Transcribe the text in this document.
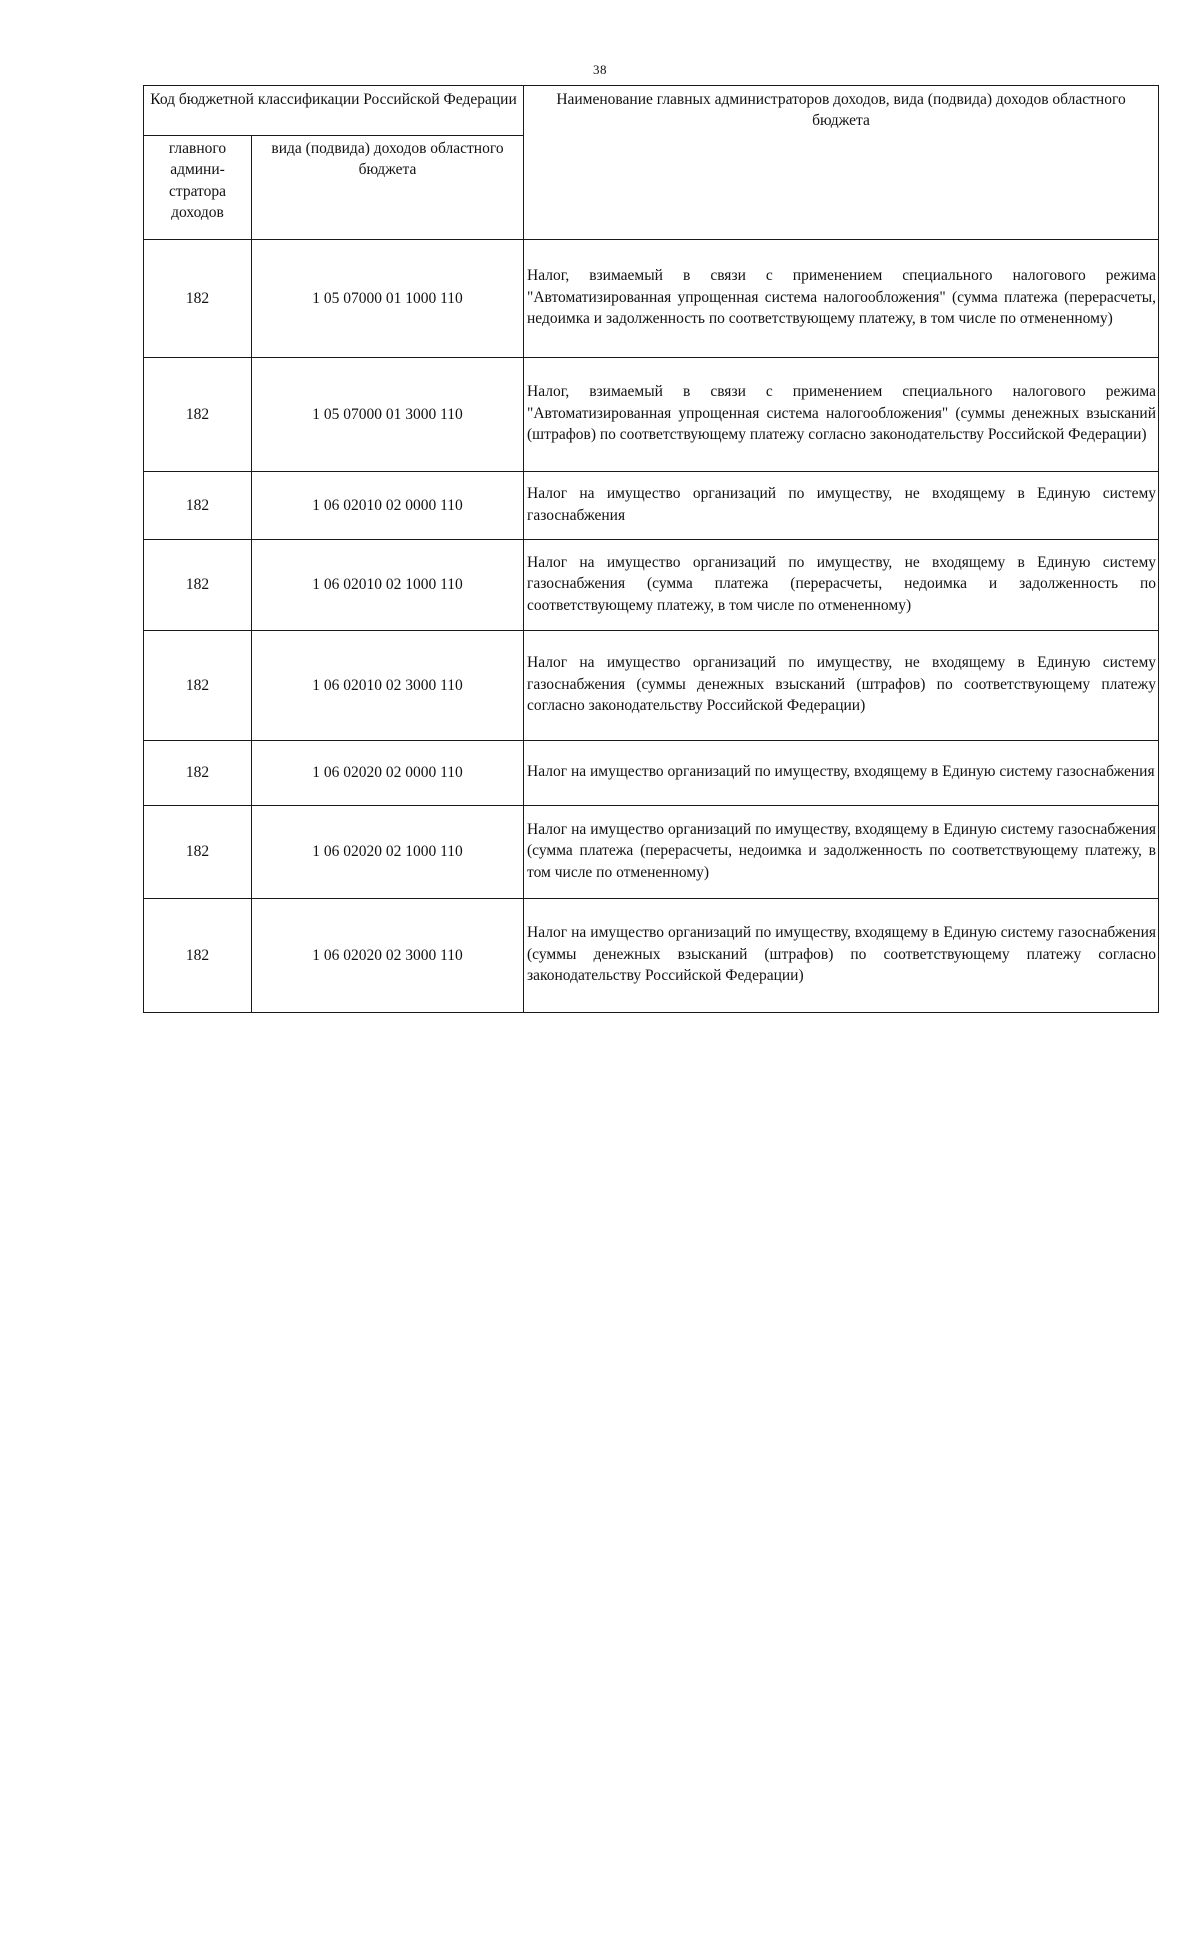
38
Код бюджетной классификации Российской Федерации		Наименование главных администраторов доходов, вида (подвида) доходов областного бюджета
главного админи-стратора доходов	вида (подвида) доходов областного бюджета	
182	1 05 07000 01 1000 110	Налог, взимаемый в связи с применением специального налогового режима "Автоматизированная упрощенная система налогообложения" (сумма платежа (перерасчеты, недоимка и задолженность по соответствующему платежу, в том числе по отмененному)
182	1 05 07000 01 3000 110	Налог, взимаемый в связи с применением специального налогового режима "Автоматизированная упрощенная система налогообложения" (суммы денежных взысканий (штрафов) по соответствующему платежу согласно законодательству Российской Федерации)
182	1 06 02010 02 0000 110	Налог на имущество организаций по имуществу, не входящему в Единую систему газоснабжения
182	1 06 02010 02 1000 110	Налог на имущество организаций по имуществу, не входящему в Единую систему газоснабжения (сумма платежа (перерасчеты, недоимка и задолженность по соответствующему платежу, в том числе по отмененному)
182	1 06 02010 02 3000 110	Налог на имущество организаций по имуществу, не входящему в Единую систему газоснабжения (суммы денежных взысканий (штрафов) по соответствующему платежу согласно законодательству Российской Федерации)
182	1 06 02020 02 0000 110	Налог на имущество организаций по имуществу, входящему в Единую систему газоснабжения
182	1 06 02020 02 1000 110	Налог на имущество организаций по имуществу, входящему в Единую систему газоснабжения (сумма платежа (перерасчеты, недоимка и задолженность по соответствующему платежу, в том числе по отмененному)
182	1 06 02020 02 3000 110	Налог на имущество организаций по имуществу, входящему в Единую систему газоснабжения (суммы денежных взысканий (штрафов) по соответствующему платежу согласно законодательству Российской Федерации)
